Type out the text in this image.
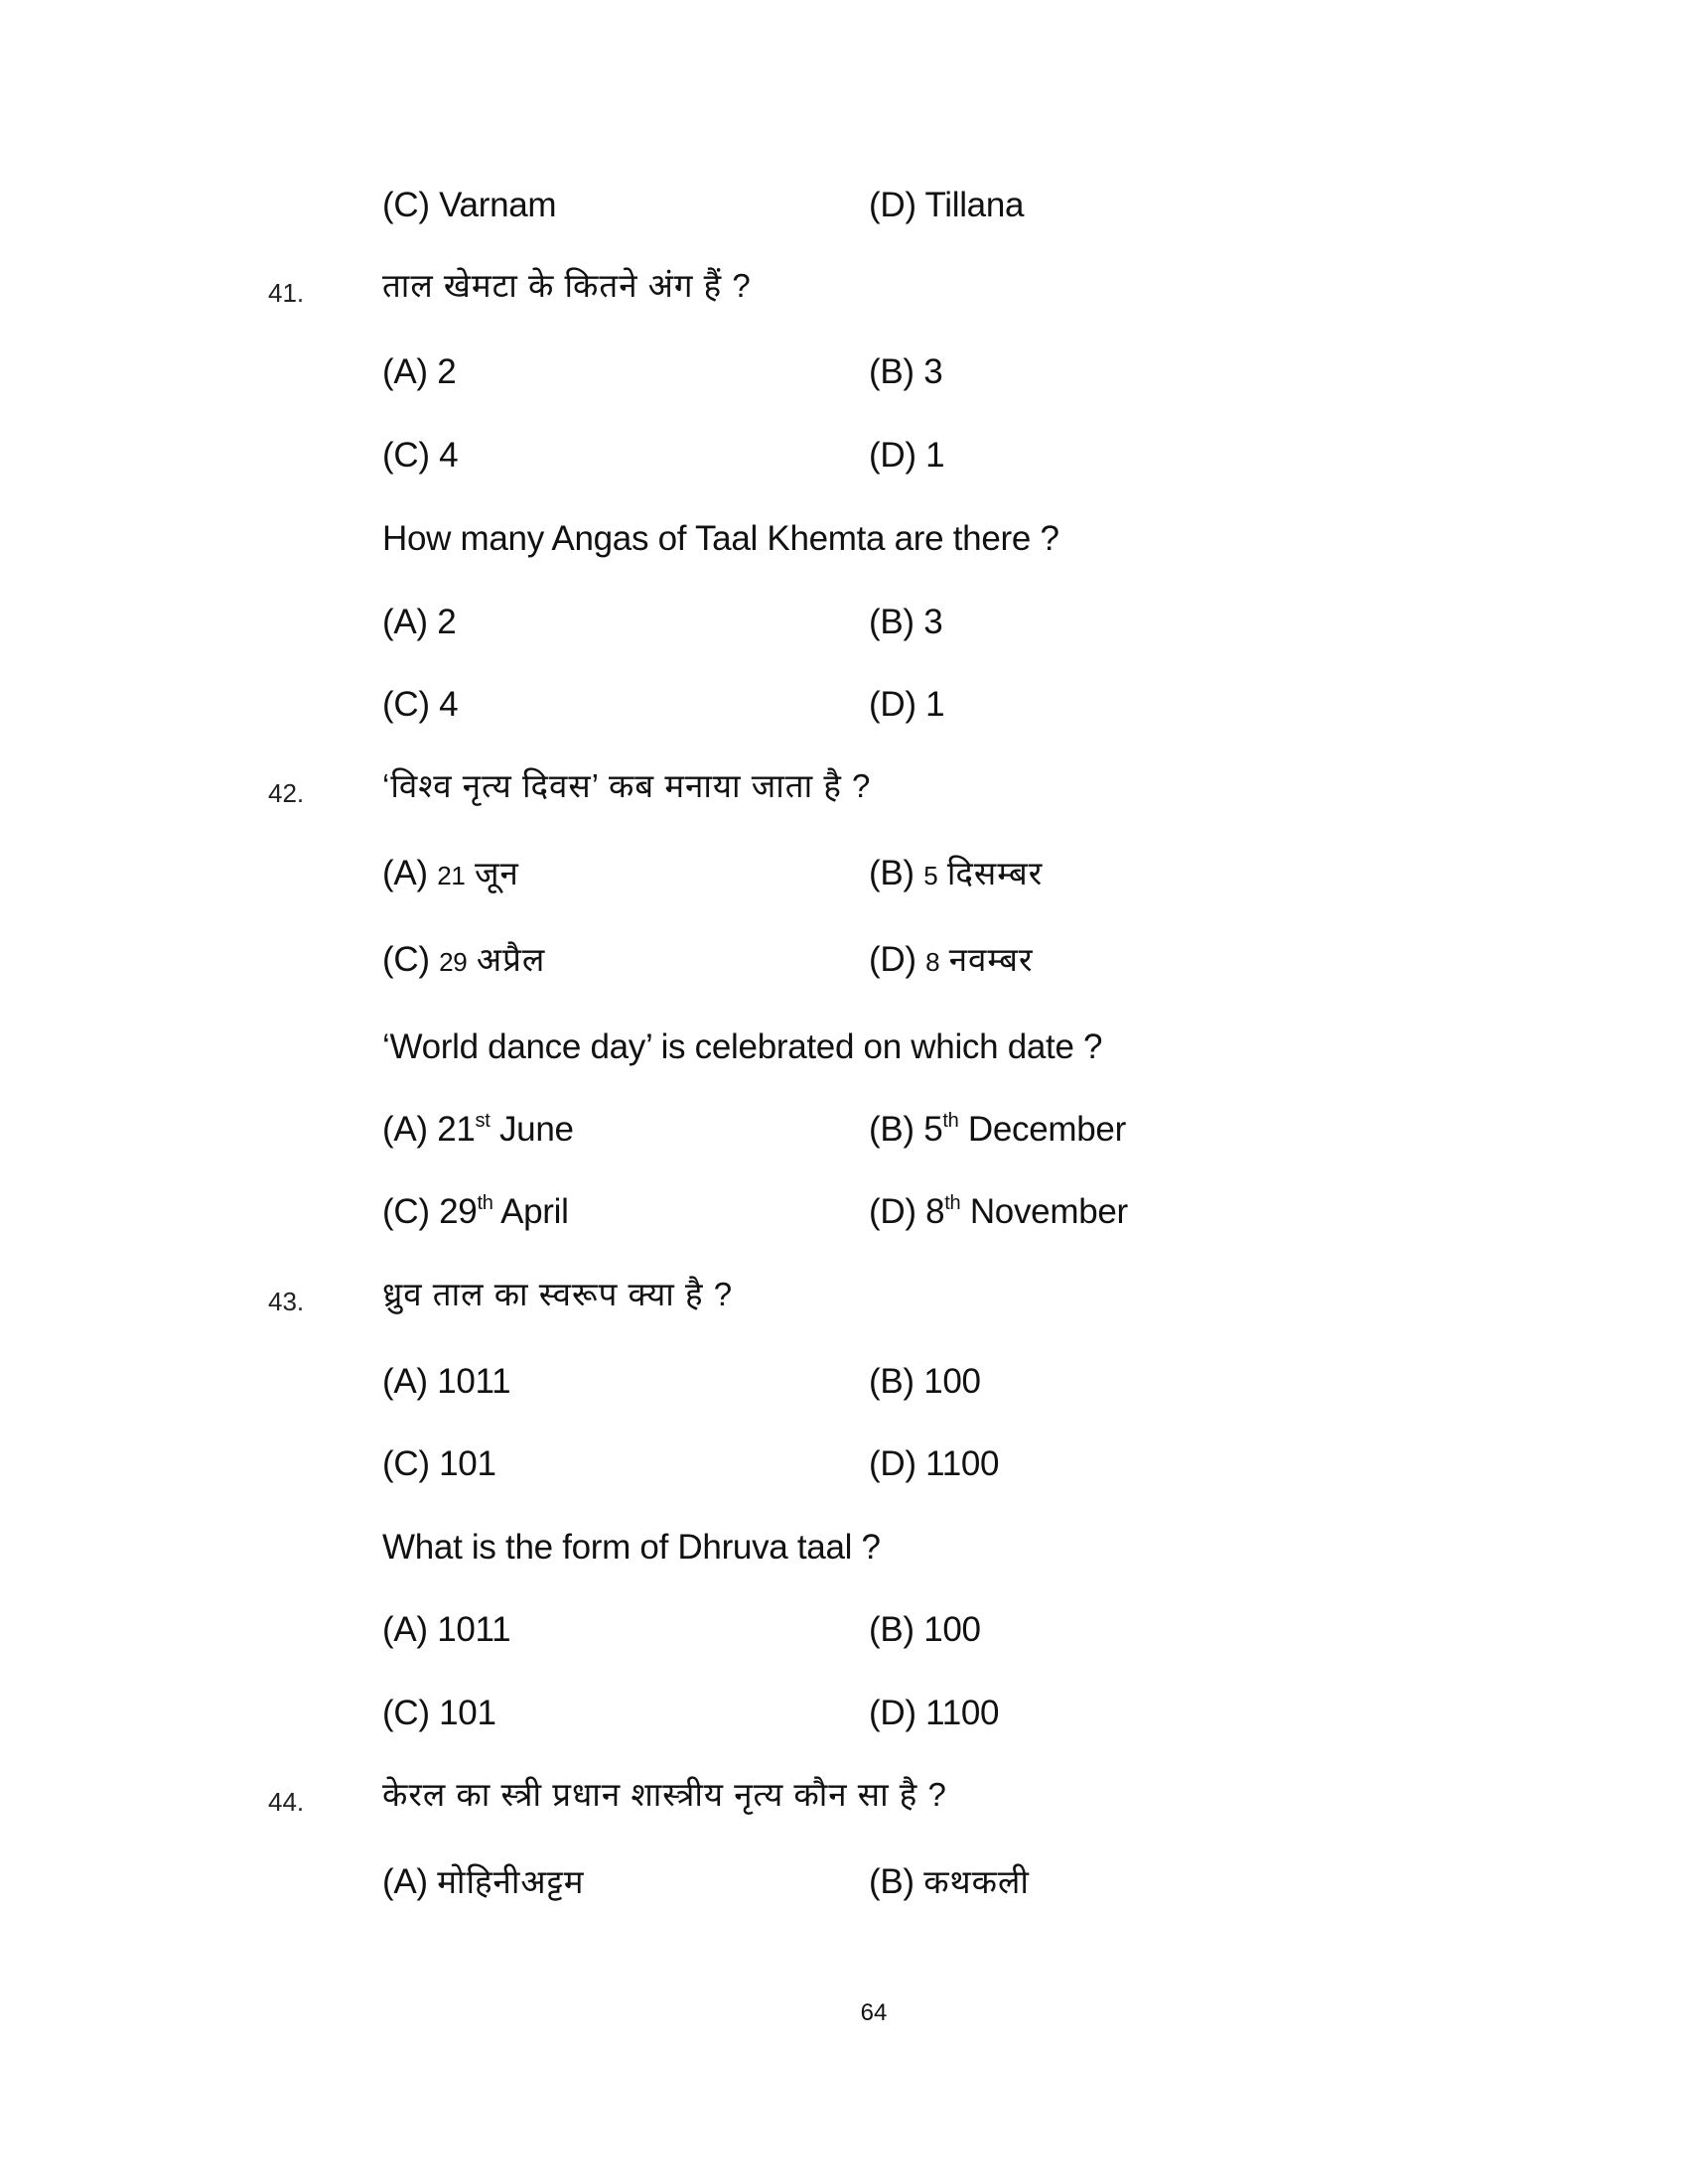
(C) Varnam	(D) Tillana
41. ताल खेमटा के कितने अंग हैं ?
(A) 2	(B) 3
(C) 4	(D) 1
How many Angas of Taal Khemta are there ?
(A) 2	(B) 3
(C) 4	(D) 1
42. ‘विश्व नृत्य दिवस’ कब मनाया जाता है ?
(A) 21 जून	(B) 5 दिसम्बर
(C) 29 अप्रैल	(D) 8 नवम्बर
‘World dance day’ is celebrated on which date ?
(A) 21st June	(B) 5th December
(C) 29th April	(D) 8th November
43. ध्रुव ताल का स्वरूप क्या है ?
(A) 1011	(B) 100
(C) 101	(D) 1100
What is the form of Dhruva taal ?
(A) 1011	(B) 100
(C) 101	(D) 1100
44. केरल का स्त्री प्रधान शास्त्रीय नृत्य कौन सा है ?
(A) मोहिनीअट्टम	(B) कथकली
64
